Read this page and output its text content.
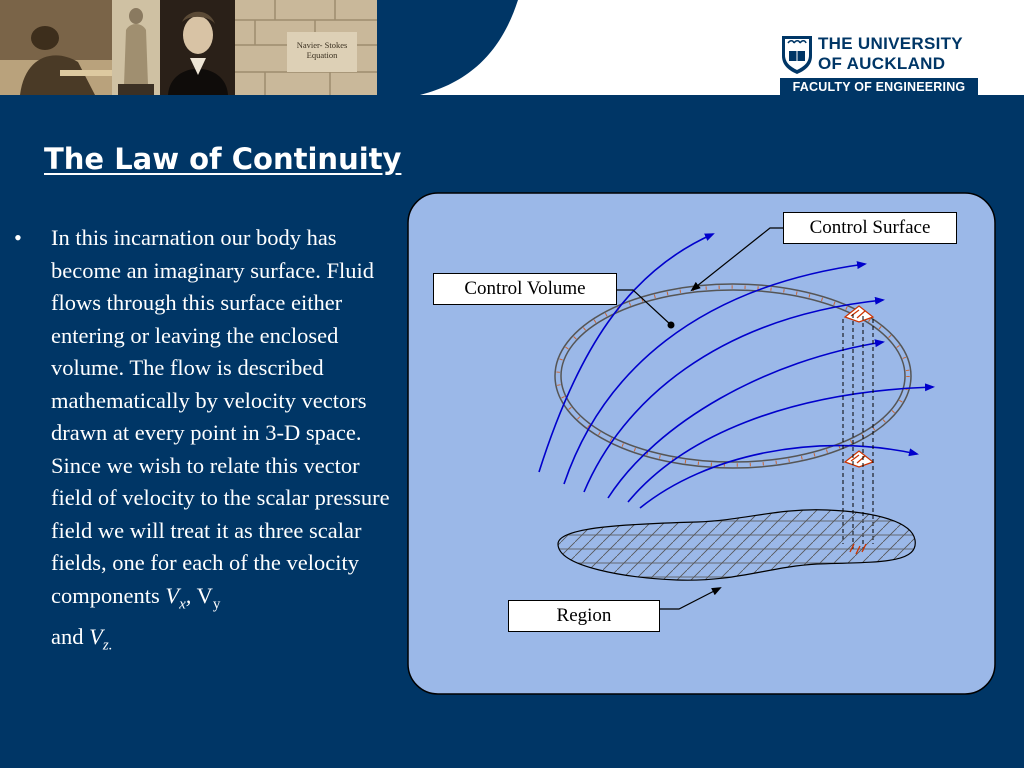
Navier- Stokes Equation
THE UNIVERSITY
OF AUCKLAND
FACULTY OF ENGINEERING
The Law of Continuity
• In this incarnation our body has become an imaginary surface. Fluid flows through this surface either entering or leaving the enclosed volume. The flow is described mathematically by velocity vectors drawn at every point in 3-D space. Since we wish to relate this vector field of velocity to the scalar pressure field we will treat it as three scalar fields, one for each of the velocity components $V_x$, $V_y$
and $V_{z.}$
Control Surface
Control Volume
Region
